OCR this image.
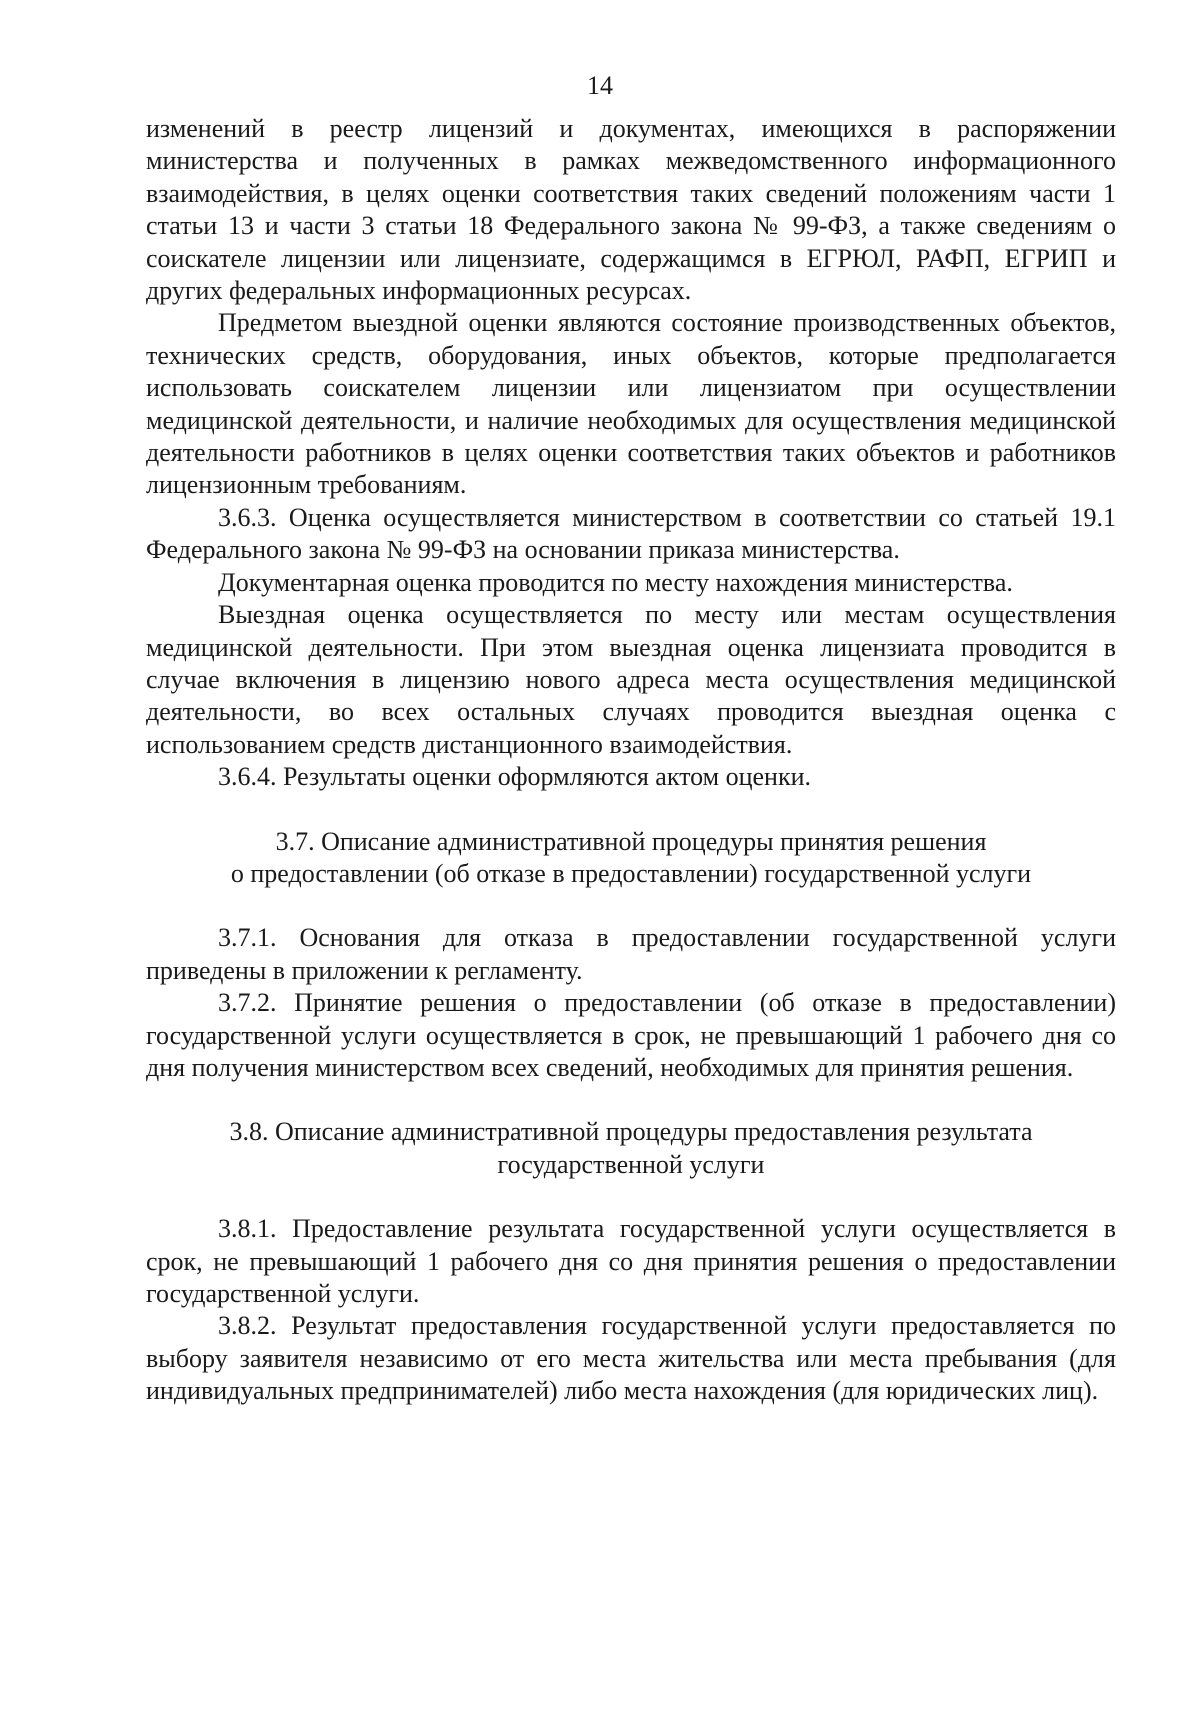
14

изменений в реестр лицензий и документах, имеющихся в распоряжении министерства и полученных в рамках межведомственного информационного взаимодействия, в целях оценки соответствия таких сведений положениям части 1 статьи 13 и части 3 статьи 18 Федерального закона № 99-ФЗ, а также сведениям о соискателе лицензии или лицензиате, содержащимся в ЕГРЮЛ, РАФП, ЕГРИП и других федеральных информационных ресурсах.

Предметом выездной оценки являются состояние производственных объектов, технических средств, оборудования, иных объектов, которые предполагается использовать соискателем лицензии или лицензиатом при осуществлении медицинской деятельности, и наличие необходимых для осуществления медицинской деятельности работников в целях оценки соответствия таких объектов и работников лицензионным требованиям.

3.6.3. Оценка осуществляется министерством в соответствии со статьей 19.1 Федерального закона № 99-ФЗ на основании приказа министерства.

Документарная оценка проводится по месту нахождения министерства.

Выездная оценка осуществляется по месту или местам осуществления медицинской деятельности. При этом выездная оценка лицензиата проводится в случае включения в лицензию нового адреса места осуществления медицинской деятельности, во всех остальных случаях проводится выездная оценка с использованием средств дистанционного взаимодействия.

3.6.4. Результаты оценки оформляются актом оценки.

3.7. Описание административной процедуры принятия решения
о предоставлении (об отказе в предоставлении) государственной услуги

3.7.1. Основания для отказа в предоставлении государственной услуги приведены в приложении к регламенту.

3.7.2. Принятие решения о предоставлении (об отказе в предоставлении) государственной услуги осуществляется в срок, не превышающий 1 рабочего дня со дня получения министерством всех сведений, необходимых для принятия решения.

3.8. Описание административной процедуры предоставления результата
государственной услуги

3.8.1. Предоставление результата государственной услуги осуществляется в срок, не превышающий 1 рабочего дня со дня принятия решения о предоставлении государственной услуги.

3.8.2. Результат предоставления государственной услуги предоставляется по выбору заявителя независимо от его места жительства или места пребывания (для индивидуальных предпринимателей) либо места нахождения (для юридических лиц).
